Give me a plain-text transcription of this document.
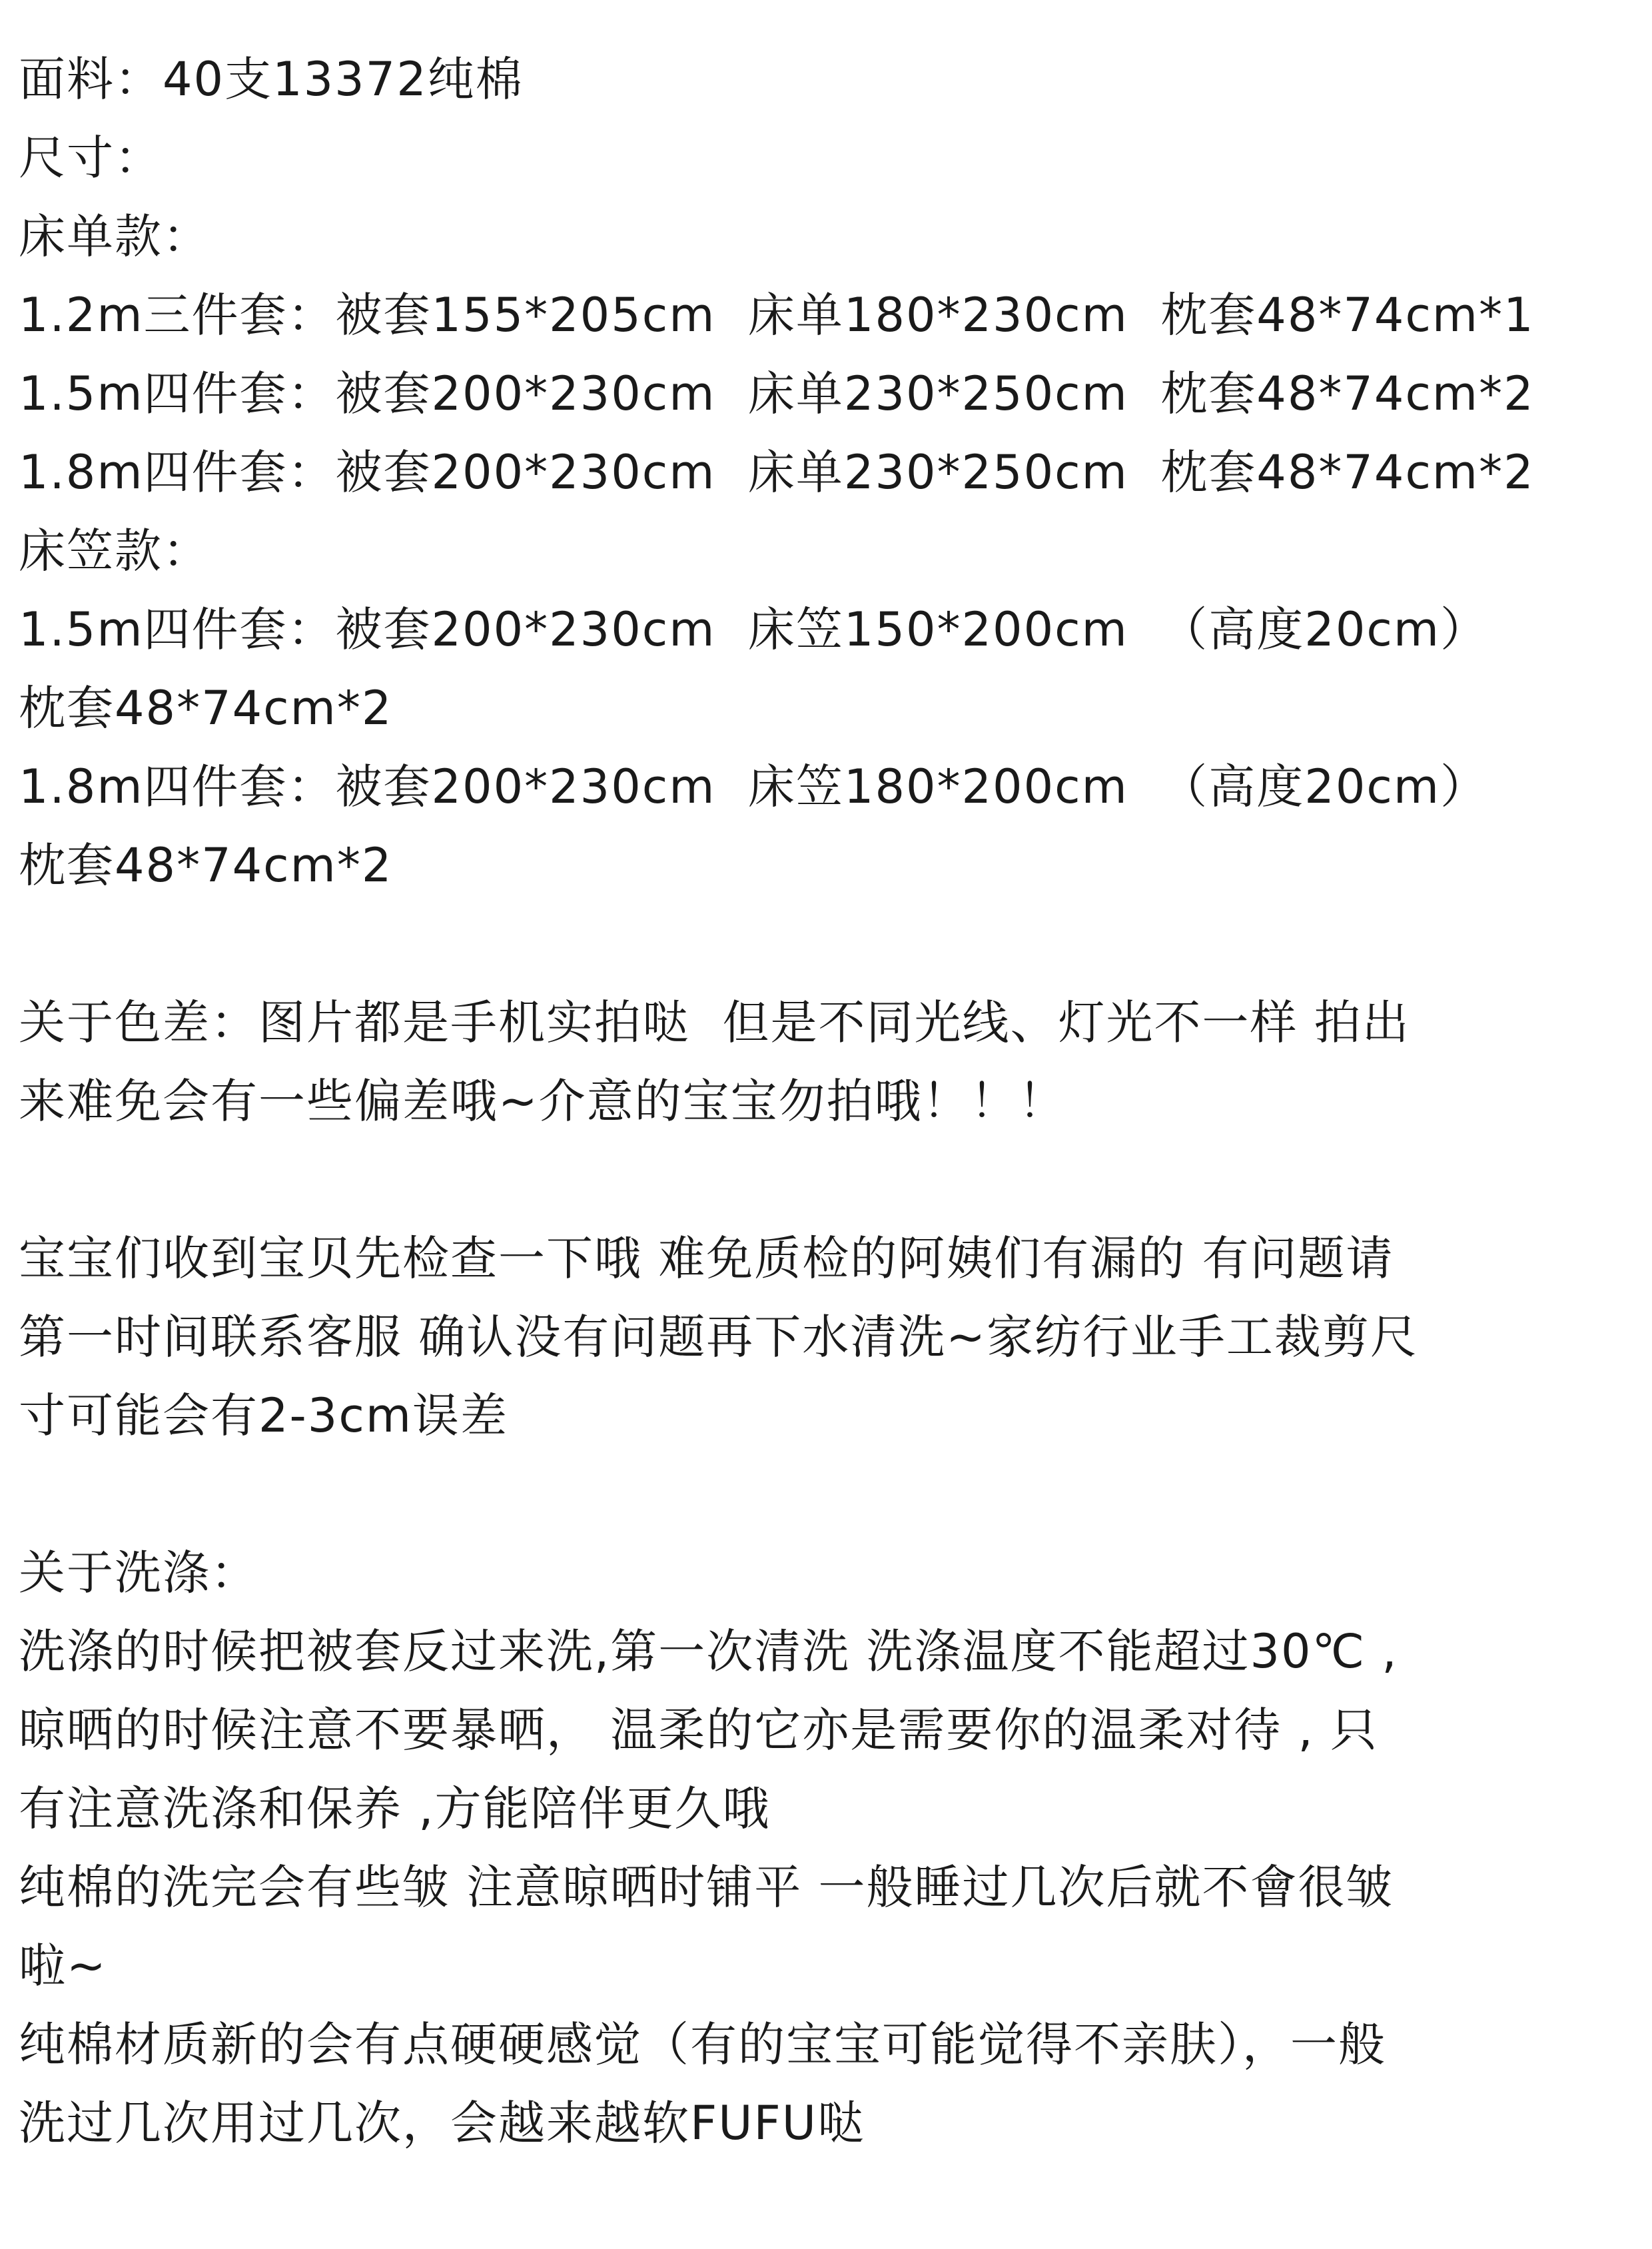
面料：40支13372纯棉
尺寸：
床单款：
1.2m三件套：被套155*205cm  床单180*230cm  枕套48*74cm*1
1.5m四件套：被套200*230cm  床单230*250cm  枕套48*74cm*2
1.8m四件套：被套200*230cm  床单230*250cm  枕套48*74cm*2
床笠款：
1.5m四件套：被套200*230cm  床笠150*200cm  （高度20cm）
枕套48*74cm*2
1.8m四件套：被套200*230cm  床笠180*200cm  （高度20cm）
枕套48*74cm*2
关于色差：图片都是手机实拍哒  但是不同光线、灯光不一样 拍出
来难免会有一些偏差哦~介意的宝宝勿拍哦！！！
宝宝们收到宝贝先检查一下哦 难免质检的阿姨们有漏的 有问题请
第一时间联系客服 确认没有问题再下水清洗~家纺行业手工裁剪尺
寸可能会有2-3cm误差
关于洗涤：
洗涤的时候把被套反过来洗,第一次清洗 洗涤温度不能超过30℃ ,
晾晒的时候注意不要暴晒， 温柔的它亦是需要你的温柔对待 , 只
有注意洗涤和保养 ,方能陪伴更久哦
纯棉的洗完会有些皱 注意晾晒时铺平 一般睡过几次后就不會很皱
啦~
纯棉材质新的会有点硬硬感觉（有的宝宝可能觉得不亲肤），一般
洗过几次用过几次，会越来越软FUFU哒
